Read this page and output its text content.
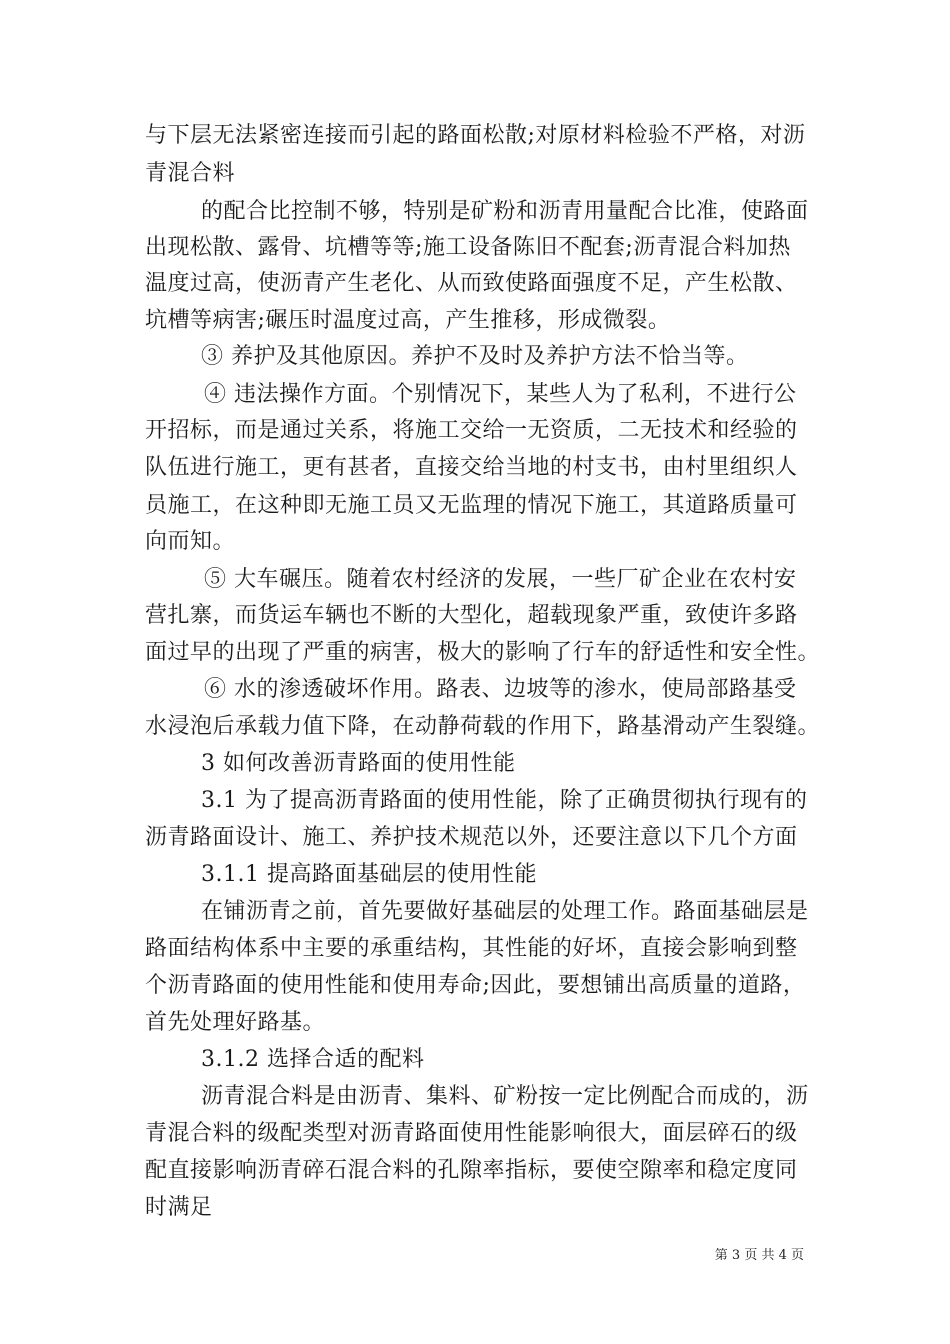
与下层无法紧密连接而引起的路面松散;对原材料检验不严格，对沥
青混合料
的配合比控制不够，特别是矿粉和沥青用量配合比准，使路面
出现松散、露骨、坑槽等等;施工设备陈旧不配套;沥青混合料加热
温度过高，使沥青产生老化、从而致使路面强度不足，产生松散、
坑槽等病害;碾压时温度过高，产生推移，形成微裂。
③ 养护及其他原因。养护不及时及养护方法不恰当等。
④ 违法操作方面。个别情况下，某些人为了私利，不进行公
开招标，而是通过关系，将施工交给一无资质，二无技术和经验的
队伍进行施工，更有甚者，直接交给当地的村支书，由村里组织人
员施工，在这种即无施工员又无监理的情况下施工，其道路质量可
向而知。
⑤ 大车碾压。随着农村经济的发展，一些厂矿企业在农村安
营扎寨，而货运车辆也不断的大型化，超载现象严重，致使许多路
面过早的出现了严重的病害，极大的影响了行车的舒适性和安全性。
⑥ 水的渗透破坏作用。路表、边坡等的渗水，使局部路基受
水浸泡后承载力值下降，在动静荷载的作用下，路基滑动产生裂缝。
3 如何改善沥青路面的使用性能
3.1 为了提高沥青路面的使用性能，除了正确贯彻执行现有的
沥青路面设计、施工、养护技术规范以外，还要注意以下几个方面
3.1.1 提高路面基础层的使用性能
在铺沥青之前，首先要做好基础层的处理工作。路面基础层是
路面结构体系中主要的承重结构，其性能的好坏，直接会影响到整
个沥青路面的使用性能和使用寿命;因此，要想铺出高质量的道路，
首先处理好路基。
3.1.2 选择合适的配料
沥青混合料是由沥青、集料、矿粉按一定比例配合而成的，沥
青混合料的级配类型对沥青路面使用性能影响很大，面层碎石的级
配直接影响沥青碎石混合料的孔隙率指标，要使空隙率和稳定度同
时满足
第 3 页 共 4 页
